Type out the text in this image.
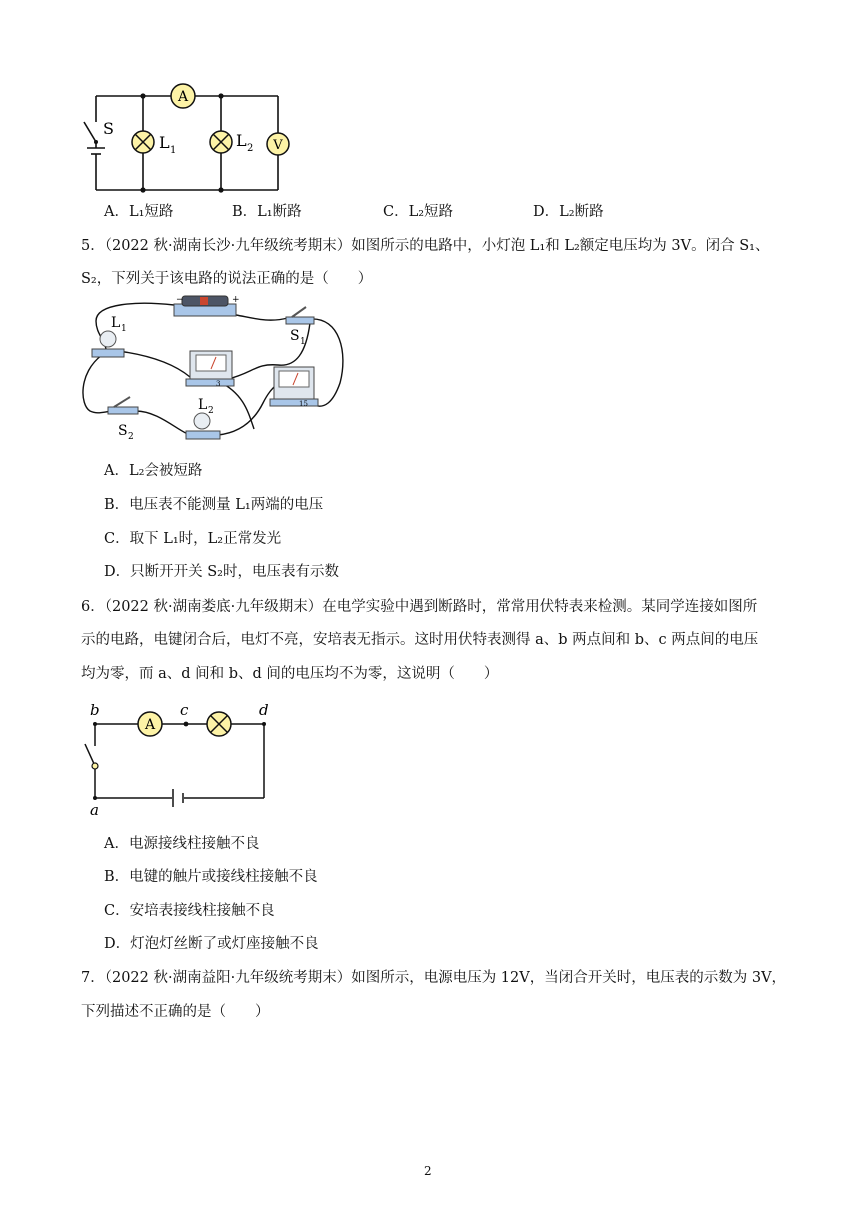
A
V
S
L 1
L 2
A．L₁短路	B．L₁断路	C．L₂短路	D．L₂断路
5．（2022 秋·湖南长沙·九年级统考期末）如图所示的电路中，小灯泡 L₁和 L₂额定电压均为 3V。闭合 S₁、
S₂，下列关于该电路的说法正确的是（　　）
−	+
L 1	S 1
3
15
S 2
L 2
A．L₂会被短路
B．电压表不能测量 L₁两端的电压
C．取下 L₁时，L₂正常发光
D．只断开开关 S₂时，电压表有示数
6．（2022 秋·湖南娄底·九年级期末）在电学实验中遇到断路时，常常用伏特表来检测。某同学连接如图所
示的电路，电键闭合后，电灯不亮，安培表无指示。这时用伏特表测得 a、b 两点间和 b、c 两点间的电压
均为零，而 a、d 间和 b、d 间的电压均不为零，这说明（　　）
A
b	c	d
a
A．电源接线柱接触不良
B．电键的触片或接线柱接触不良
C．安培表接线柱接触不良
D．灯泡灯丝断了或灯座接触不良
7．（2022 秋·湖南益阳·九年级统考期末）如图所示，电源电压为 12V，当闭合开关时，电压表的示数为 3V，
下列描述不正确的是（　　）
2
